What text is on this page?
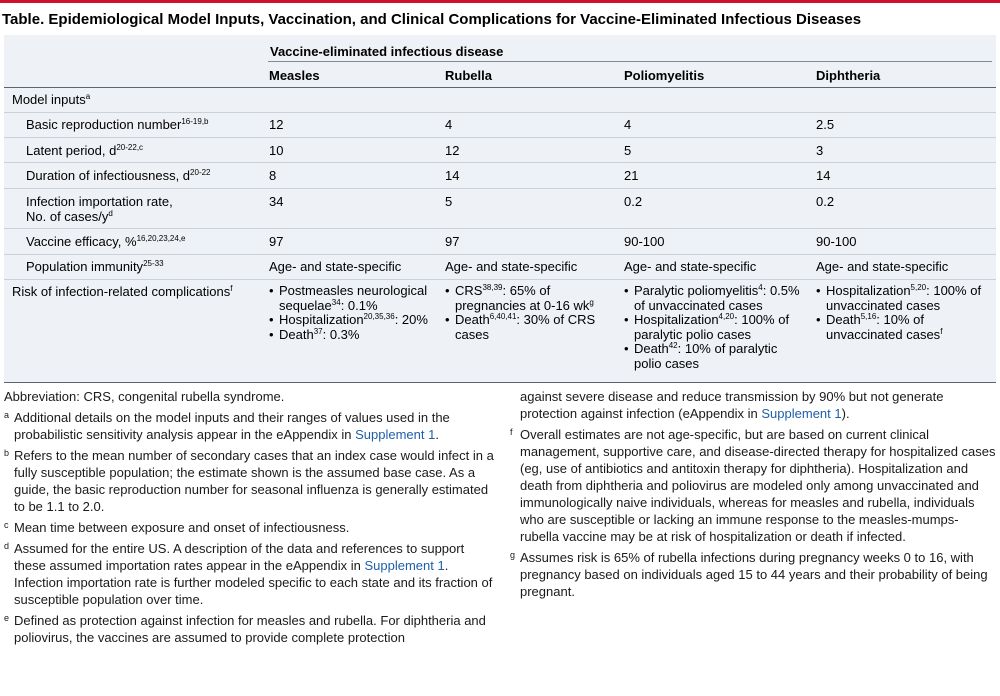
Table. Epidemiological Model Inputs, Vaccination, and Clinical Complications for Vaccine-Eliminated Infectious Diseases
Vaccine-eliminated infectious disease
Measles	Rubella	Poliomyelitis	Diphtheria
Model inputs$^a$
Basic reproduction number$^{16-19,b}$	12	4	4	2.5
Latent period, $d^{20-22,c}$	10	12	5	3
Duration of infectiousness, $d^{20-22}$	8	14	21	14
Infection importation rate,
No. of cases/$y^d$
34	5	0.2	0.2
Vaccine efficacy, %$^{16,20,23,24,e}$	97	97	90-100	90-100
Population immunity$^{25-33}$	Age- and state-specific	Age- and state-specific	Age- and state-specific	Age- and state-specific
Risk of infection-related complications$^f$
•	Postmeasles neurological sequelae$^{34}$: 0.1%
• Hospitalization$^{20,35,36}$: 20%
• Death$^{37}$: 0.3%
• CRS$^{38,39}$: 65% of pregnancies at 0-16 $wk^g$
• Death$^{6,40,41}$: 30% of CRS cases
• Paralytic poliomyelitis$^4$: 0.5% of unvaccinated cases
• Hospitalization$^{4,20}$: 100% of paralytic polio cases
• Death$^{42}$: 10% of paralytic polio cases
• Hospitalization$^{5,20}$: 100% of unvaccinated cases
• Death$^{5,16}$: 10% of unvaccinated cases$^f$
Abbreviation: CRS, congenital rubella syndrome.
a Additional details on the model inputs and their ranges of values used in the probabilistic sensitivity analysis appear in the eAppendix in Supplement 1.
b Refers to the mean number of secondary cases that an index case would infect in a fully susceptible population; the estimate shown is the assumed base case. As a guide, the basic reproduction number for seasonal influenza is generally estimated to be 1.1 to 2.0.
c Mean time between exposure and onset of infectiousness.
d Assumed for the entire US. A description of the data and references to support these assumed importation rates appear in the eAppendix in Supplement 1. Infection importation rate is further modeled specific to each state and its fraction of susceptible population over time.
e Defined as protection against infection for measles and rubella. For diphtheria and poliovirus, the vaccines are assumed to provide complete protection
against severe disease and reduce transmission by 90% but not generate protection against infection (eAppendix in Supplement 1).
f Overall estimates are not age-specific, but are based on current clinical management, supportive care, and disease-directed therapy for hospitalized cases (eg, use of antibiotics and antitoxin therapy for diphtheria). Hospitalization and death from diphtheria and poliovirus are modeled only among unvaccinated and immunologically naive individuals, whereas for measles and rubella, individuals who are susceptible or lacking an immune response to the measles-mumps-rubella vaccine may be at risk of hospitalization or death if infected.
g Assumes risk is 65% of rubella infections during pregnancy weeks 0 to 16, with pregnancy based on individuals aged 15 to 44 years and their probability of being pregnant.
